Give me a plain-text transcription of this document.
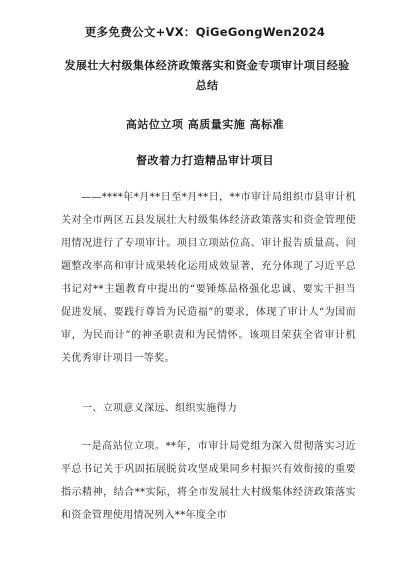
更多免费公文+VX：QiGeGongWen2024
发展壮大村级集体经济政策落实和资金专项审计项目经验总结
高站位立项 高质量实施 高标准
督改着力打造精品审计项目

——****年*月**日至*月**日，**市审计局组织市县审计机关对全市两区五县发展壮大村级集体经济政策落实和资金管理使用情况进行了专项审计。项目立项站位高、审计报告质量高、问题整改率高和审计成果转化运用成效显著，充分体现了习近平总书记对**主题教育中提出的“要锤炼品格强化忠诚、要实干担当促进发展、要践行尊旨为民造福”的要求，体现了审计人“为国而审，为民而计”的神圣职责和为民情怀。该项目荣获全省审计机关优秀审计项目一等奖。

一、立项意义深远、组织实施得力

一是高站位立项。**年，市审计局党组为深入贯彻落实习近平总书记关于巩固拓展脱贫攻坚成果同乡村振兴有效衔接的重要指示精神，结合**实际，将全市发展壮大村级集体经济政策落实和资金管理使用情况列入**年度全市
